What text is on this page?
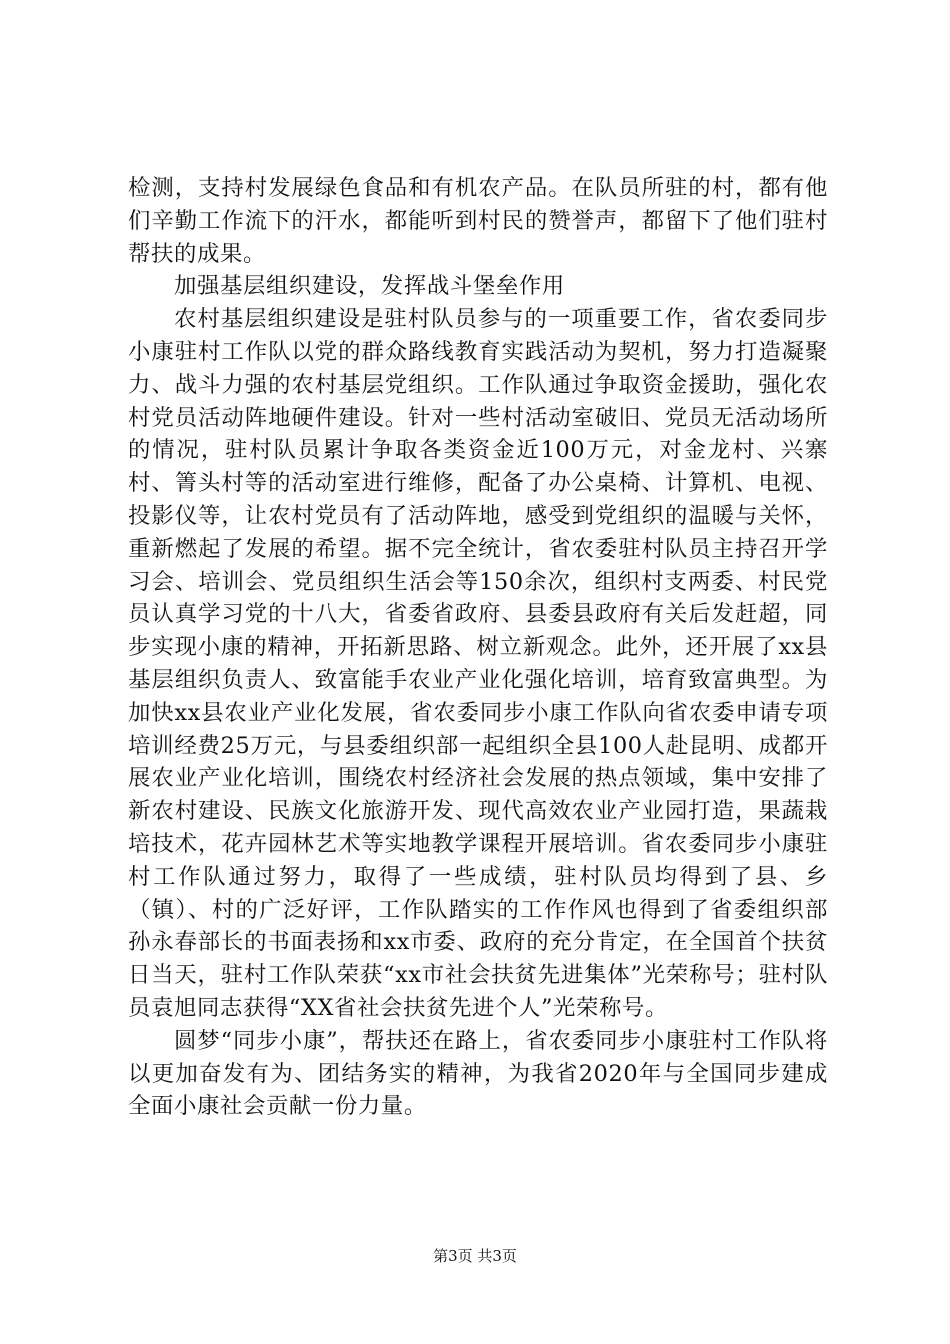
检测，支持村发展绿色食品和有机农产品。在队员所驻的村，都有他们辛勤工作流下的汗水，都能听到村民的赞誉声，都留下了他们驻村帮扶的成果。

加强基层组织建设，发挥战斗堡垒作用

农村基层组织建设是驻村队员参与的一项重要工作，省农委同步小康驻村工作队以党的群众路线教育实践活动为契机，努力打造凝聚力、战斗力强的农村基层党组织。工作队通过争取资金援助，强化农村党员活动阵地硬件建设。针对一些村活动室破旧、党员无活动场所的情况，驻村队员累计争取各类资金近100万元，对金龙村、兴寨村、箐头村等的活动室进行维修，配备了办公桌椅、计算机、电视、投影仪等，让农村党员有了活动阵地，感受到党组织的温暖与关怀，重新燃起了发展的希望。据不完全统计，省农委驻村队员主持召开学习会、培训会、党员组织生活会等150余次，组织村支两委、村民党员认真学习党的十八大，省委省政府、县委县政府有关后发赶超，同步实现小康的精神，开拓新思路、树立新观念。此外，还开展了xx县基层组织负责人、致富能手农业产业化强化培训，培育致富典型。为加快xx县农业产业化发展，省农委同步小康工作队向省农委申请专项培训经费25万元，与县委组织部一起组织全县100人赴昆明、成都开展农业产业化培训，围绕农村经济社会发展的热点领域，集中安排了新农村建设、民族文化旅游开发、现代高效农业产业园打造，果蔬栽培技术，花卉园林艺术等实地教学课程开展培训。省农委同步小康驻村工作队通过努力，取得了一些成绩，驻村队员均得到了县、乡（镇）、村的广泛好评，工作队踏实的工作作风也得到了省委组织部孙永春部长的书面表扬和xx市委、政府的充分肯定，在全国首个扶贫日当天，驻村工作队荣获“xx市社会扶贫先进集体”光荣称号；驻村队员袁旭同志获得“XX省社会扶贫先进个人”光荣称号。

圆梦“同步小康”，帮扶还在路上，省农委同步小康驻村工作队将以更加奋发有为、团结务实的精神，为我省2020年与全国同步建成全面小康社会贡献一份力量。

第3页 共3页
